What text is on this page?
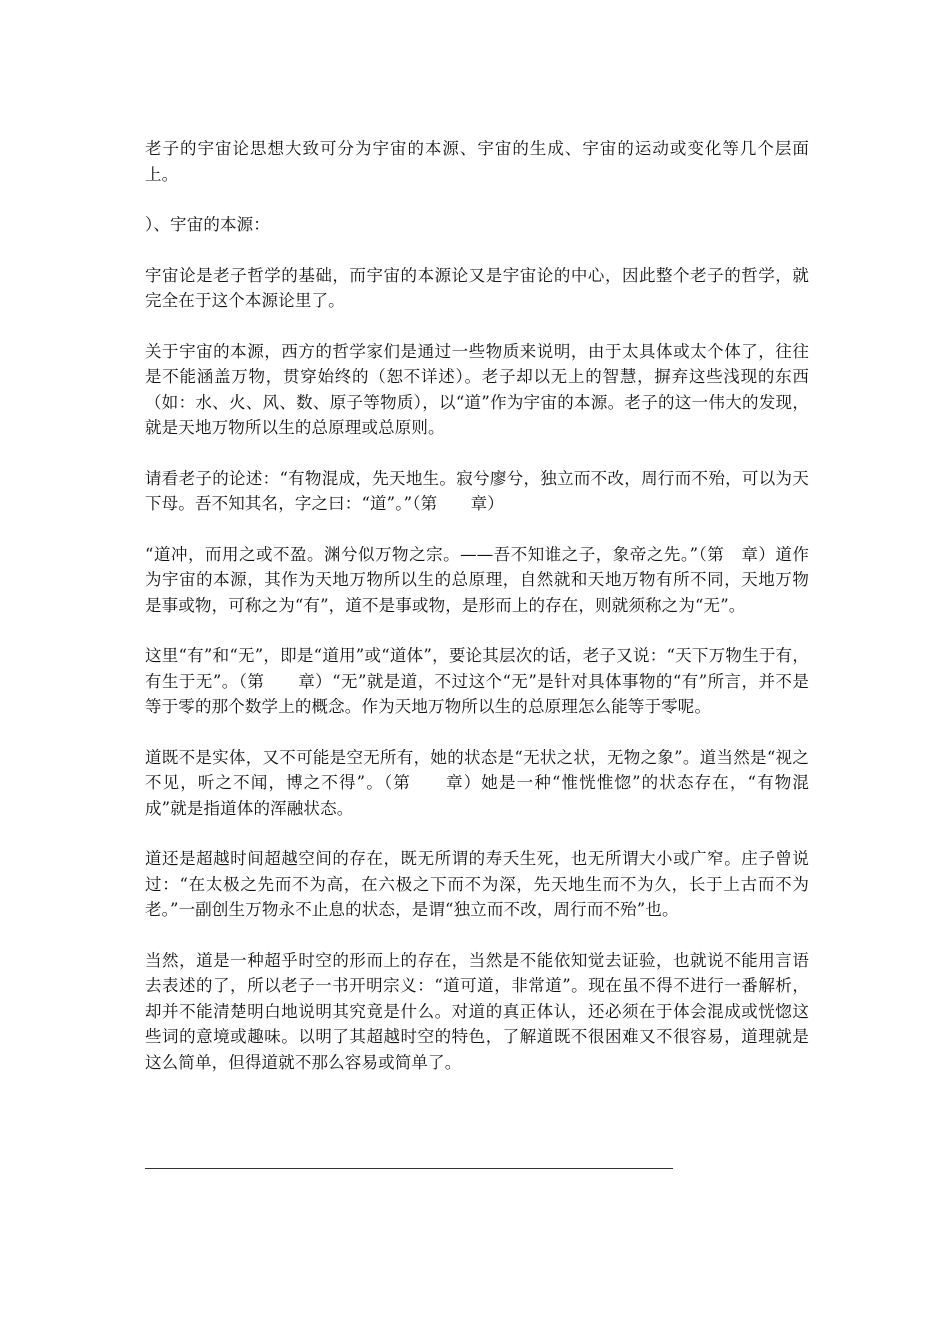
老子的宇宙论思想大致可分为宇宙的本源、宇宙的生成、宇宙的运动或变化等几个层面上。

）、宇宙的本源：

宇宙论是老子哲学的基础，而宇宙的本源论又是宇宙论的中心，因此整个老子的哲学，就完全在于这个本源论里了。

关于宇宙的本源，西方的哲学家们是通过一些物质来说明，由于太具体或太个体了，往往是不能涵盖万物，贯穿始终的（恕不详述）。老子却以无上的智慧，摒弃这些浅现的东西（如：水、火、风、数、原子等物质），以“道”作为宇宙的本源。老子的这一伟大的发现，就是天地万物所以生的总原理或总原则。

请看老子的论述：“有物混成，先天地生。寂兮廖兮，独立而不改，周行而不殆，可以为天下母。吾不知其名，字之曰：“道”。”（第　　章）

“道冲，而用之或不盈。渊兮似万物之宗。——吾不知谁之子，象帝之先。”（第　章）道作为宇宙的本源，其作为天地万物所以生的总原理，自然就和天地万物有所不同，天地万物是事或物，可称之为“有”，道不是事或物，是形而上的存在，则就须称之为“无”。

这里“有”和“无”，即是“道用”或“道体”，要论其层次的话，老子又说：“天下万物生于有，有生于无”。（第　　章）“无”就是道，不过这个“无”是针对具体事物的“有”所言，并不是等于零的那个数学上的概念。作为天地万物所以生的总原理怎么能等于零呢。

道既不是实体，又不可能是空无所有，她的状态是“无状之状，无物之象”。道当然是“视之不见，听之不闻，博之不得”。（第　　章）她是一种“惟恍惟惚”的状态存在，“有物混成”就是指道体的浑融状态。

道还是超越时间超越空间的存在，既无所谓的寿夭生死，也无所谓大小或广窄。庄子曾说过：“在太极之先而不为高，在六极之下而不为深，先天地生而不为久，长于上古而不为老。”一副创生万物永不止息的状态，是谓“独立而不改，周行而不殆”也。

当然，道是一种超乎时空的形而上的存在，当然是不能依知觉去证验，也就说不能用言语去表述的了，所以老子一书开明宗义：“道可道，非常道”。现在虽不得不进行一番解析，却并不能清楚明白地说明其究竟是什么。对道的真正体认，还必须在于体会混成或恍惚这些词的意境或趣味。以明了其超越时空的特色，了解道既不很困难又不很容易，道理就是这么简单，但得道就不那么容易或简单了。
